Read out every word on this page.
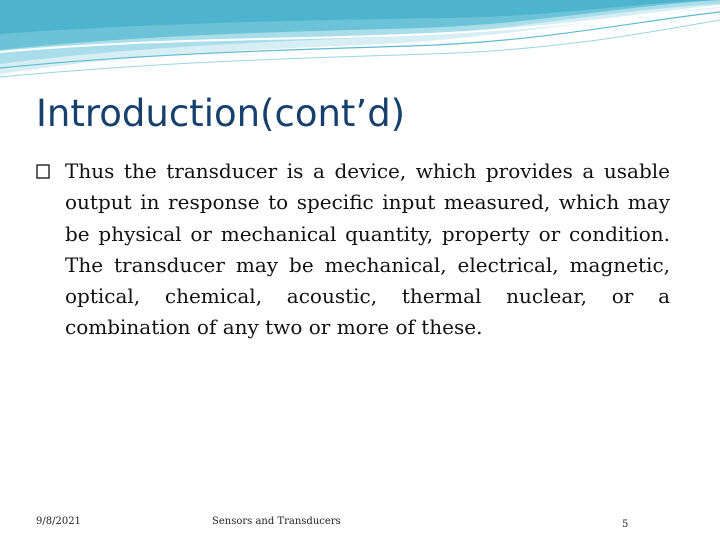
Introduction(cont’d)

Thus the transducer is a device, which provides a usable output in response to specific input measured, which may be physical or mechanical quantity, property or condition. The transducer may be mechanical, electrical, magnetic, optical, chemical, acoustic, thermal nuclear, or a combination of any two or more of these.

9/8/2021	Sensors and Transducers	5
